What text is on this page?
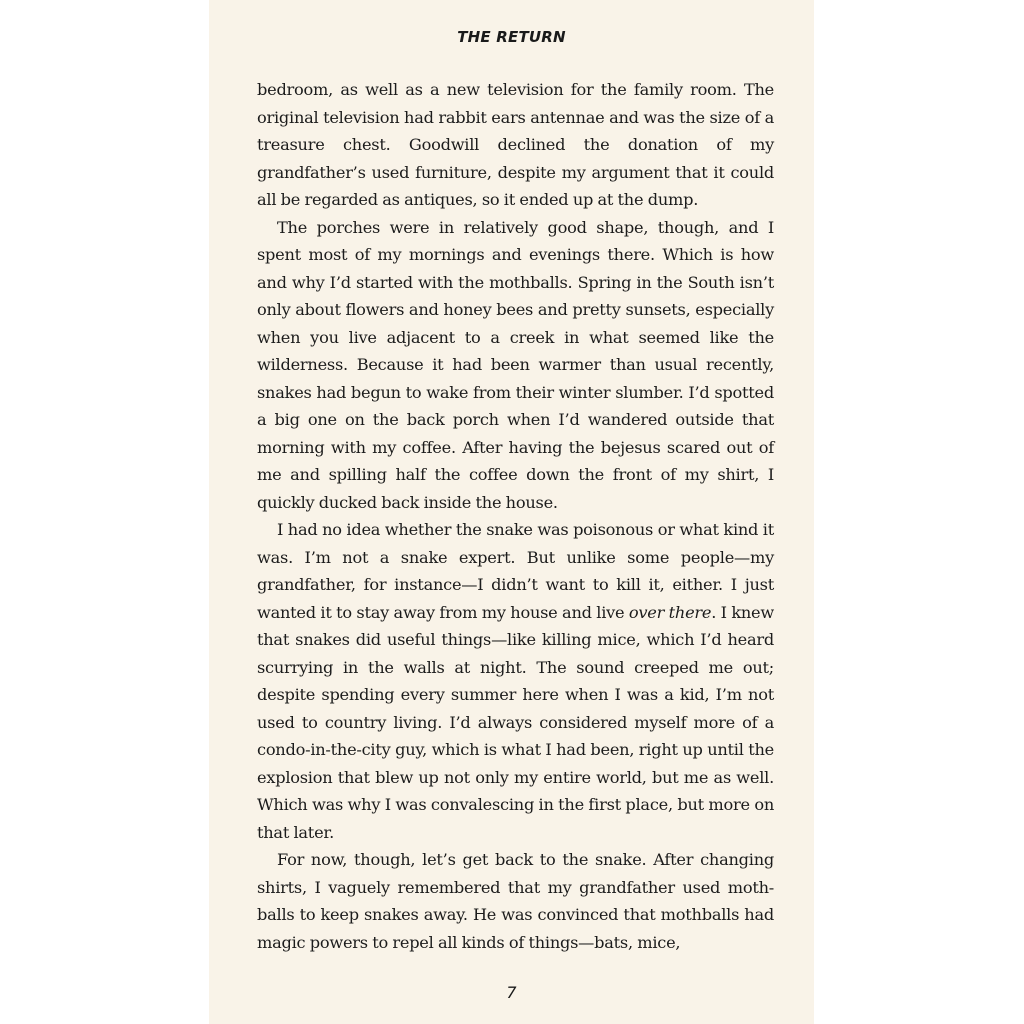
THE RETURN

bedroom, as well as a new television for the family room. The original television had rabbit ears antennae and was the size of a treasure chest. Goodwill declined the donation of my grandfather’s used furniture, despite my argument that it could all be regarded as antiques, so it ended up at the dump.

The porches were in relatively good shape, though, and I spent most of my mornings and evenings there. Which is how and why I’d started with the mothballs. Spring in the South isn’t only about flowers and honey bees and pretty sunsets, especially when you live adjacent to a creek in what seemed like the wilderness. Because it had been warmer than usual recently, snakes had begun to wake from their winter slumber. I’d spotted a big one on the back porch when I’d wandered outside that morning with my coffee. After having the bejesus scared out of me and spilling half the coffee down the front of my shirt, I quickly ducked back inside the house.

I had no idea whether the snake was poisonous or what kind it was. I’m not a snake expert. But unlike some people—my grandfather, for instance—I didn’t want to kill it, either. I just wanted it to stay away from my house and live over there. I knew that snakes did useful things—like killing mice, which I’d heard scurrying in the walls at night. The sound creeped me out; despite spending every summer here when I was a kid, I’m not used to country living. I’d always considered myself more of a condo-in-the-city guy, which is what I had been, right up until the explosion that blew up not only my entire world, but me as well. Which was why I was convalescing in the first place, but more on that later.

For now, though, let’s get back to the snake. After changing shirts, I vaguely remembered that my grandfather used moth-balls to keep snakes away. He was convinced that mothballs had magic powers to repel all kinds of things—bats, mice,

7
